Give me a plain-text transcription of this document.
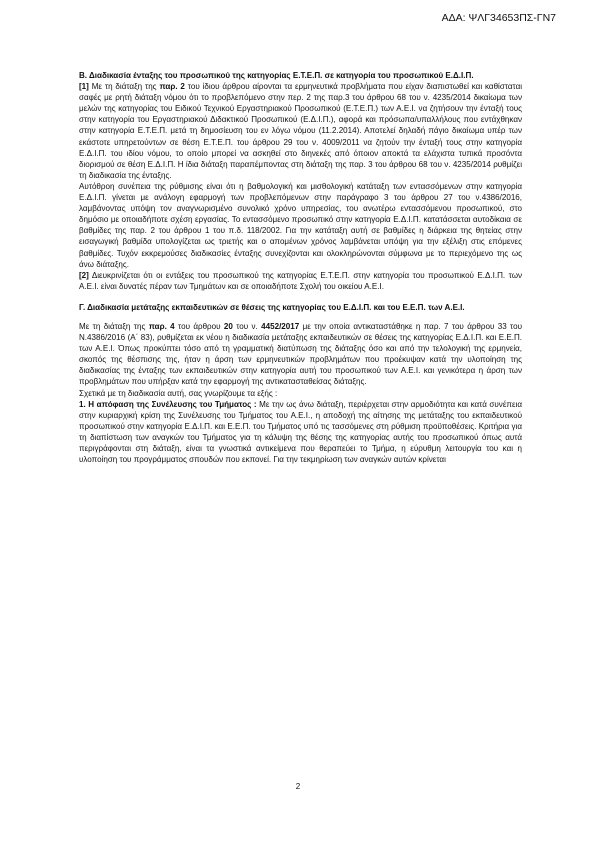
ΑΔΑ: ΨΛΓ34653ΠΣ-ΓΝ7

Β. Διαδικασία ένταξης του προσωπικού της κατηγορίας Ε.Τ.Ε.Π. σε κατηγορία του προσωπικού Ε.Δ.Ι.Π.

[1] Με τη διάταξη της παρ. 2 του ίδιου άρθρου αίρονται τα ερμηνευτικά προβλήματα που είχαν διαπιστωθεί και καθίσταται σαφές με ρητή διάταξη νόμου ότι το προβλεπόμενο στην περ. 2 της παρ.3 του άρθρου 68 του ν. 4235/2014 δικαίωμα των μελών της κατηγορίας του Ειδικού Τεχνικού Εργαστηριακού Προσωπικού (Ε.Τ.Ε.Π.) των Α.Ε.Ι. να ζητήσουν την ένταξή τους στην κατηγορία του Εργαστηριακού Διδακτικού Προσωπικού (Ε.Δ.Ι.Π.), αφορά και πρόσωπα/υπαλλήλους που εντάχθηκαν στην κατηγορία Ε.Τ.Ε.Π. μετά τη δημοσίευση του εν λόγω νόμου (11.2.2014). Αποτελεί δηλαδή πάγιο δικαίωμα υπέρ των εκάστοτε υπηρετούντων σε θέση Ε.Τ.Ε.Π. του άρθρου 29 του ν. 4009/2011 να ζητούν την ένταξή τους στην κατηγορία Ε.Δ.Ι.Π. του ιδίου νόμου, το οποίο μπορεί να ασκηθεί στο διηνεκές από όποιον αποκτά τα ελάχιστα τυπικά προσόντα διορισμού σε θέση Ε.Δ.Ι.Π. Η ίδια διάταξη παραπέμποντας στη διάταξη της παρ. 3 του άρθρου 68 του ν. 4235/2014 ρυθμίζει τη διαδικασία της ένταξης.

Αυτόθροη συνέπεια της ρύθμισης είναι ότι η βαθμολογική και μισθολογική κατάταξη των εντασσόμενων στην κατηγορία Ε.Δ.Ι.Π. γίνεται με ανάλογη εφαρμογή των προβλεπόμενων στην παράγραφο 3 του άρθρου 27 του ν.4386/2016, λαμβάνοντας υπόψη τον αναγνωρισμένο συνολικό χρόνο υπηρεσίας, του ανωτέρω εντασσόμενου προσωπικού, στο δημόσιο με οποιαδήποτε σχέση εργασίας. Το εντασσόμενο προσωπικό στην κατηγορία Ε.Δ.Ι.Π. κατατάσσεται αυτοδίκαια σε βαθμίδες της παρ. 2 του άρθρου 1 του π.δ. 118/2002. Για την κατάταξη αυτή σε βαθμίδες η διάρκεια της θητείας στην εισαγωγική βαθμίδα υπολογίζεται ως τριετής και ο απομένων χρόνος λαμβάνεται υπόψη για την εξέλιξη στις επόμενες βαθμίδες. Τυχόν εκκρεμούσες διαδικασίες ένταξης συνεχίζονται και ολοκληρώνονται σύμφωνα με το περιεχόμενο της ως άνω διάταξης.

[2] Διευκρινίζεται ότι οι εντάξεις του προσωπικού της κατηγορίας Ε.Τ.Ε.Π. στην κατηγορία του προσωπικού Ε.Δ.Ι.Π. των Α.Ε.Ι. είναι δυνατές πέραν των Τμημάτων και σε οποιαδήποτε Σχολή του οικείου Α.Ε.Ι.

Γ. Διαδικασία μετάταξης εκπαιδευτικών σε θέσεις της κατηγορίας του Ε.Δ.Ι.Π. και του Ε.Ε.Π. των Α.Ε.Ι.

Με τη διάταξη της παρ. 4 του άρθρου 20 του ν. 4452/2017 με την οποία αντικαταστάθηκε η παρ. 7 του άρθρου 33 του Ν.4386/2016 (Α΄ 83), ρυθμίζεται εκ νέου η διαδικασία μετάταξης εκπαιδευτικών σε θέσεις της κατηγορίας Ε.Δ.Ι.Π. και Ε.Ε.Π. των Α.Ε.Ι. Όπως προκύπτει τόσο από τη γραμματική διατύπωση της διάταξης όσο και από την τελολογική της ερμηνεία, σκοπός της θέσπισης της, ήταν η άρση των ερμηνευτικών προβλημάτων που προέκυψαν κατά την υλοποίηση της διαδικασίας της ένταξης των εκπαιδευτικών στην κατηγορία αυτή του προσωπικού των Α.Ε.Ι. και γενικότερα η άρση των προβλημάτων που υπήρξαν κατά την εφαρμογή της αντικατασταθείσας διάταξης.

Σχετικά με τη διαδικασία αυτή, σας γνωρίζουμε τα εξής :

1. Η απόφαση της Συνέλευσης του Τμήματος : Με την ως άνω διάταξη, περιέρχεται στην αρμοδιότητα και κατά συνέπεια στην κυριαρχική κρίση της Συνέλευσης του Τμήματος του Α.Ε.Ι., η αποδοχή της αίτησης της μετάταξης του εκπαιδευτικού προσωπικού στην κατηγορία Ε.Δ.Ι.Π. και Ε.Ε.Π. του Τμήματος υπό τις τασσόμενες στη ρύθμιση προϋποθέσεις. Κριτήρια για τη διαπίστωση των αναγκών του Τμήματος για τη κάλυψη της θέσης της κατηγορίας αυτής του προσωπικού όπως αυτά περιγράφονται στη διάταξη, είναι τα γνωστικά αντικείμενα που θεραπεύει το Τμήμα, η εύρυθμη λειτουργία του και η υλοποίηση του προγράμματος σπουδών που εκπονεί. Για την τεκμηρίωση των αναγκών αυτών κρίνεται

2
